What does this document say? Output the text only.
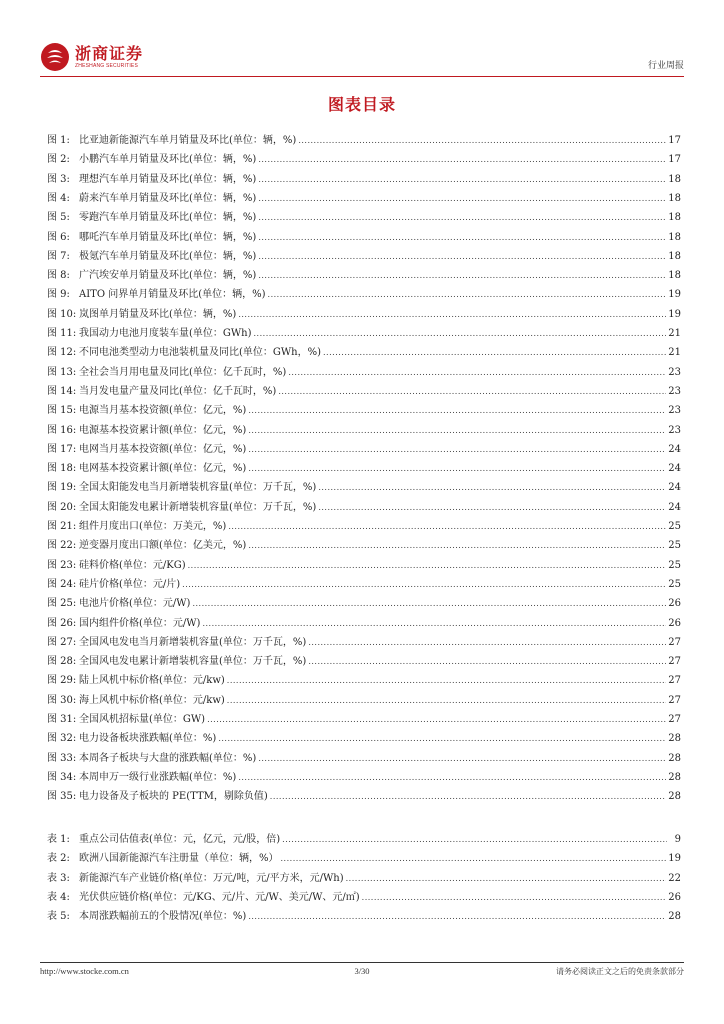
浙商证券
ZHESHANG SECURITIES	行业周报
图表目录
图 1: 比亚迪新能源汽车单月销量及环比(单位：辆，%) .....	17
图 2: 小鹏汽车单月销量及环比(单位：辆，%) .....	17
图 3: 理想汽车单月销量及环比(单位：辆，%) .....	18
图 4: 蔚来汽车单月销量及环比(单位：辆，%) .....	18
图 5: 零跑汽车单月销量及环比(单位：辆，%) .....	18
图 6: 哪吒汽车单月销量及环比(单位：辆，%) .....	18
图 7: 极氪汽车单月销量及环比(单位：辆，%) .....	18
图 8: 广汽埃安单月销量及环比(单位：辆，%) .....	18
图 9: AITO 问界单月销量及环比(单位：辆，%) .....	19
图 10: 岚图单月销量及环比(单位：辆，%) .....	19
图 11: 我国动力电池月度装车量(单位：GWh) .....	21
图 12: 不同电池类型动力电池装机量及同比(单位：GWh，%) .....	21
图 13: 全社会当月用电量及同比(单位：亿千瓦时，%) .....	23
图 14: 当月发电量产量及同比(单位：亿千瓦时，%) .....	23
图 15: 电源当月基本投资额(单位：亿元，%) .....	23
图 16: 电源基本投资累计额(单位：亿元，%) .....	23
图 17: 电网当月基本投资额(单位：亿元，%) .....	24
图 18: 电网基本投资累计额(单位：亿元，%) .....	24
图 19: 全国太阳能发电当月新增装机容量(单位：万千瓦，%) .....	24
图 20: 全国太阳能发电累计新增装机容量(单位：万千瓦，%) .....	24
图 21: 组件月度出口(单位：万美元，%) .....	25
图 22: 逆变器月度出口额(单位：亿美元，%) .....	25
图 23: 硅料价格(单位：元/KG) .....	25
图 24: 硅片价格(单位：元/片) .....	25
图 25: 电池片价格(单位：元/W) .....	26
图 26: 国内组件价格(单位：元/W) .....	26
图 27: 全国风电发电当月新增装机容量(单位：万千瓦，%) .....	27
图 28: 全国风电发电累计新增装机容量(单位：万千瓦，%) .....	27
图 29: 陆上风机中标价格(单位：元/kw) .....	27
图 30: 海上风机中标价格(单位：元/kw) .....	27
图 31: 全国风机招标量(单位：GW) .....	27
图 32: 电力设备板块涨跌幅(单位：%) .....	28
图 33: 本周各子板块与大盘的涨跌幅(单位：%) .....	28
图 34: 本周申万一级行业涨跌幅(单位：%) .....	28
图 35: 电力设备及子板块的 PE(TTM，剔除负值) .....	28
表 1: 重点公司估值表(单位：元，亿元，元/股，倍) .....	9
表 2: 欧洲八国新能源汽车注册量（单位：辆，%） .....	19
表 3: 新能源汽车产业链价格(单位：万元/吨，元/平方米，元/Wh) .....	22
表 4: 光伏供应链价格(单位：元/KG、元/片、元/W、美元/W、元/㎡) .....	26
表 5: 本周涨跌幅前五的个股情况(单位：%) .....	28
http://www.stocke.com.cn	3/30	请务必阅读正文之后的免责条款部分
